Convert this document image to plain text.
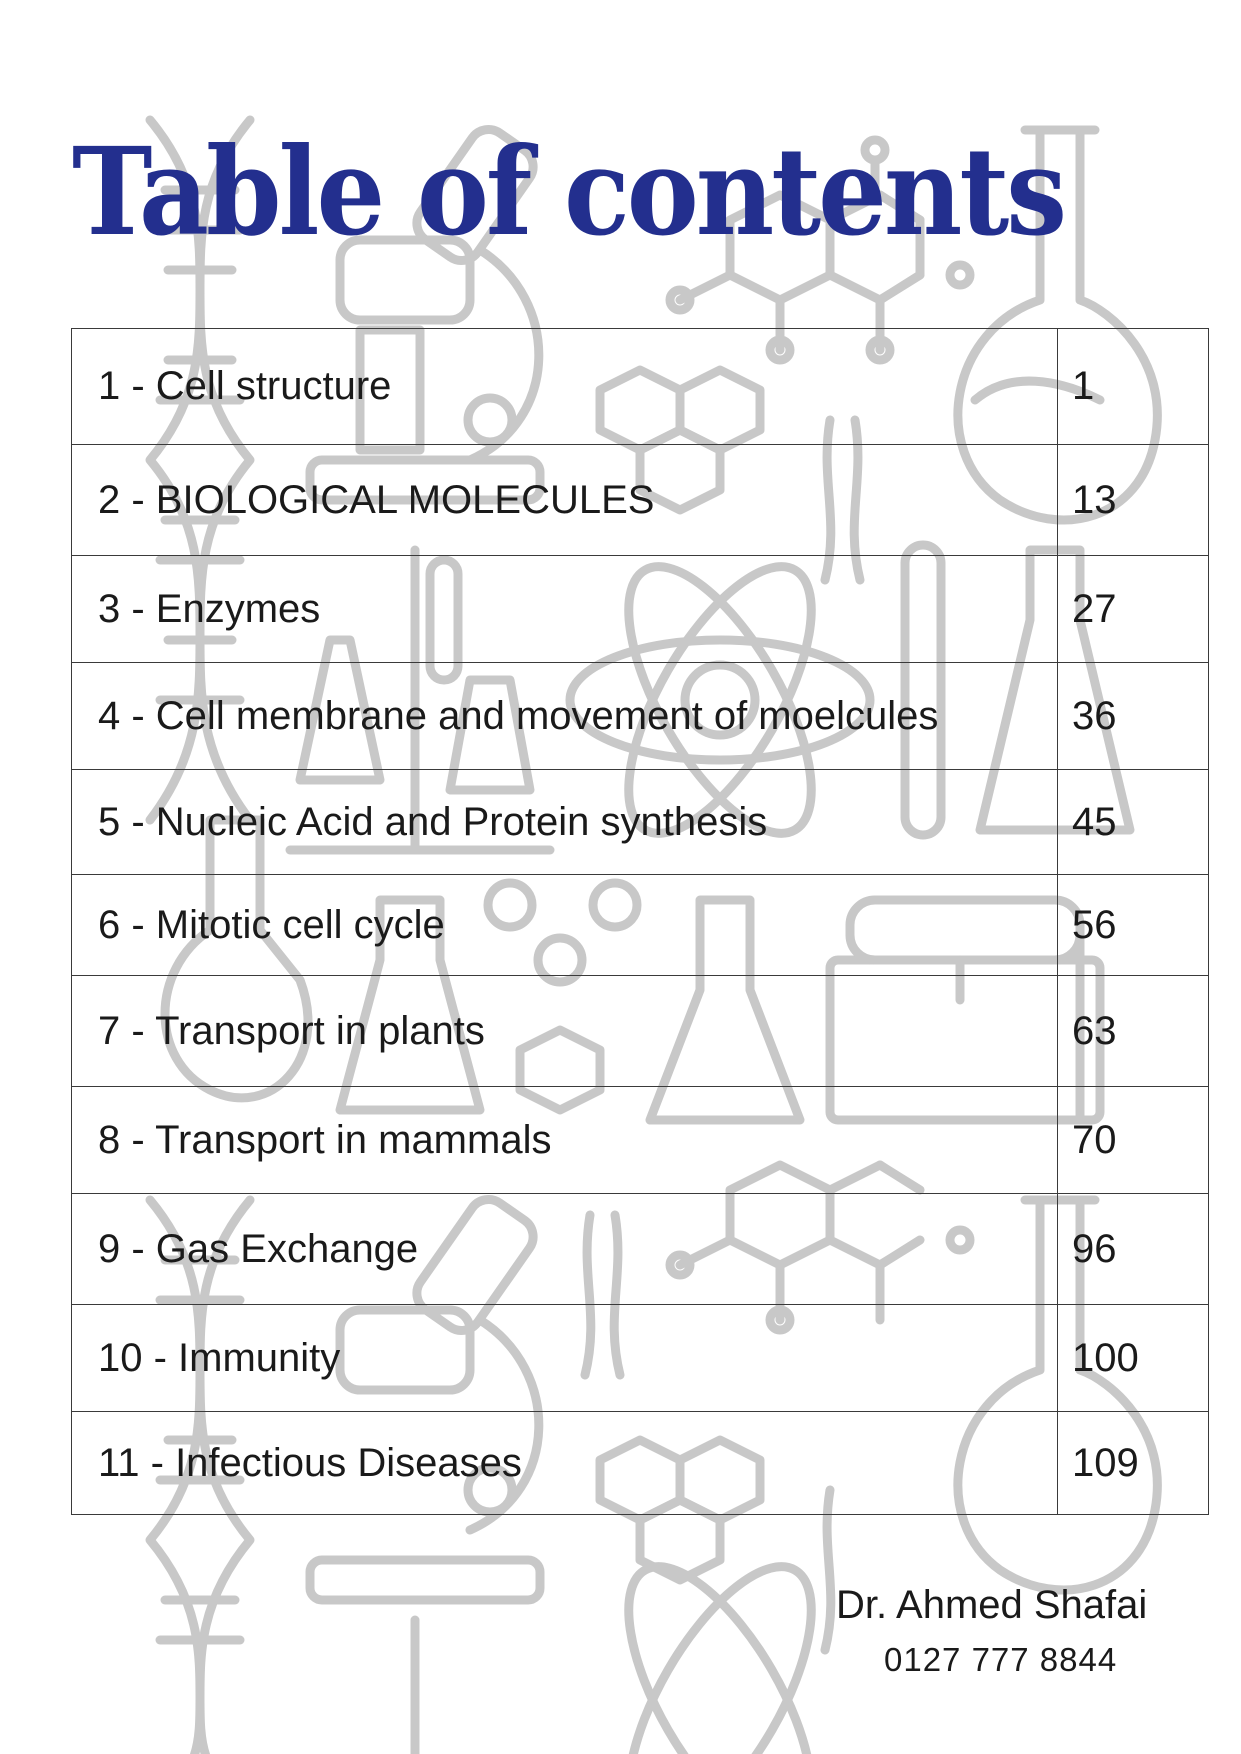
Table of contents
1 - Cell structure	1
2 - BIOLOGICAL MOLECULES	13
3 - Enzymes	27
4 - Cell membrane and movement of moelcules	36
5 - Nucleic Acid and Protein synthesis	45
6 - Mitotic cell cycle	56
7 - Transport in plants	63
8 - Transport in mammals	70
9 - Gas Exchange	96
10 - Immunity	100
11 - Infectious Diseases	109
Dr. Ahmed Shafai
0127 777 8844
